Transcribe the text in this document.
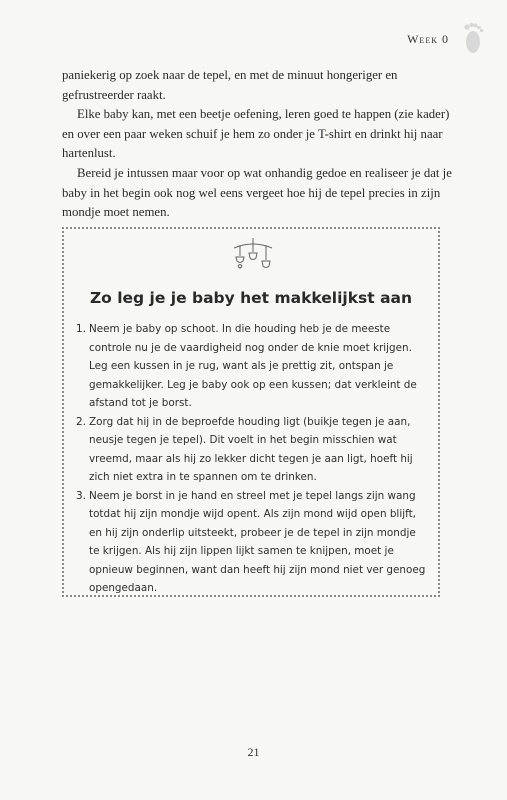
Week 0

paniekerig op zoek naar de tepel, en met de minuut hongeriger en gefrustreerder raakt.

Elke baby kan, met een beetje oefening, leren goed te happen (zie kader) en over een paar weken schuif je hem zo onder je T-shirt en drinkt hij naar hartenlust.

Bereid je intussen maar voor op wat onhandig gedoe en realiseer je dat je baby in het begin ook nog wel eens vergeet hoe hij de tepel precies in zijn mondje moet nemen.

Zo leg je je baby het makkelijkst aan
1. Neem je baby op schoot. In die houding heb je de meeste controle nu je de vaardigheid nog onder de knie moet krijgen. Leg een kussen in je rug, want als je prettig zit, ontspan je gemakkelijker. Leg je baby ook op een kussen; dat verkleint de afstand tot je borst.
2. Zorg dat hij in de beproefde houding ligt (buikje tegen je aan, neusje tegen je tepel). Dit voelt in het begin misschien wat vreemd, maar als hij zo lekker dicht tegen je aan ligt, hoeft hij zich niet extra in te spannen om te drinken.
3. Neem je borst in je hand en streel met je tepel langs zijn wang totdat hij zijn mondje wijd opent. Als zijn mond wijd open blijft, en hij zijn onderlip uitsteekt, probeer je de tepel in zijn mondje te krijgen. Als hij zijn lippen lijkt samen te knijpen, moet je opnieuw beginnen, want dan heeft hij zijn mond niet ver genoeg opengedaan.
21
